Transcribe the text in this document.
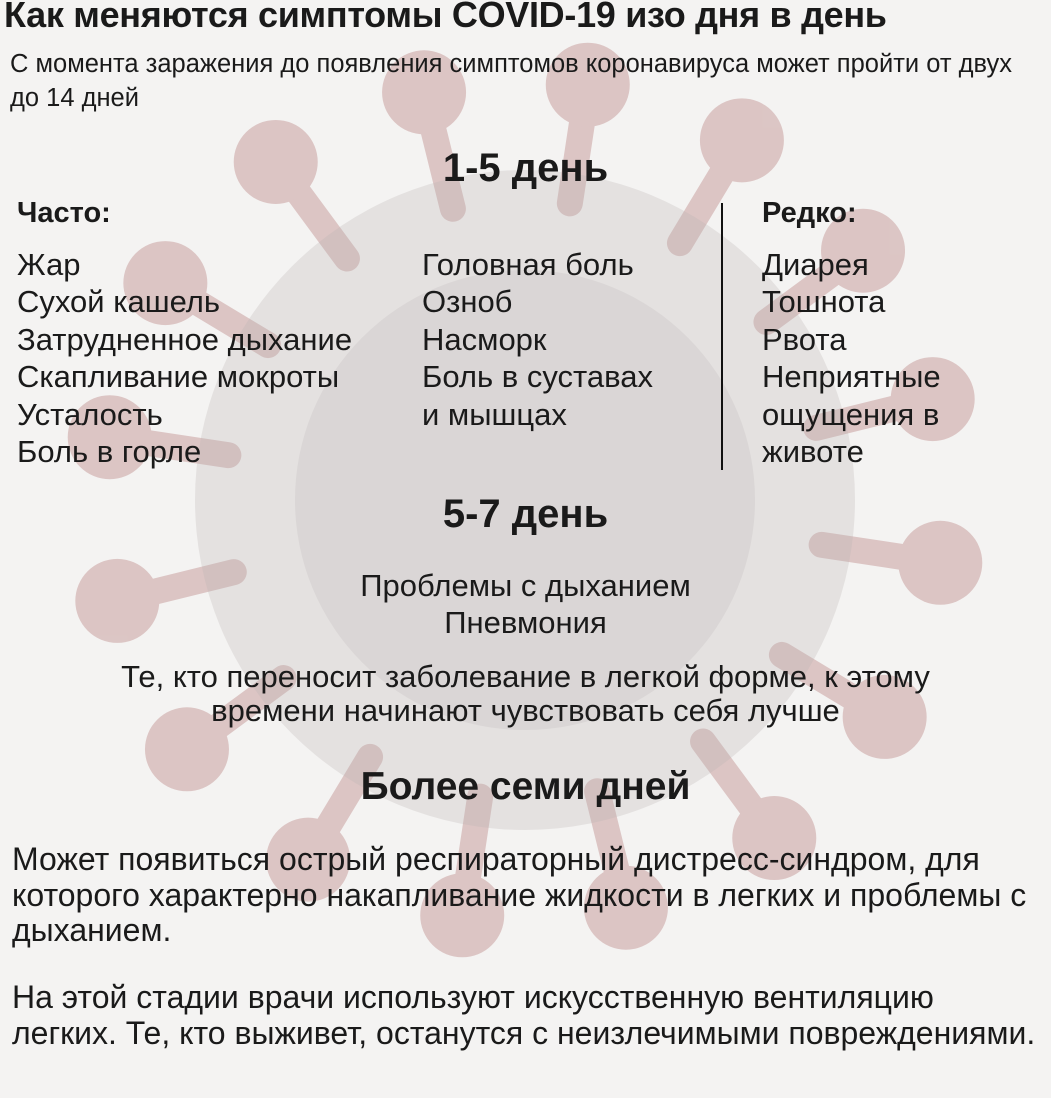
Как меняются симптомы COVID-19 изо дня в день
С момента заражения до появления симптомов коронавируса может пройти от двух до 14 дней
1-5 день
Часто:	Редко:
Жар
Сухой кашель
Затрудненное дыхание
Скапливание мокроты
Усталость
Боль в горле
Головная боль
Озноб
Насморк
Боль в суставах
и мышцах
Диарея
Тошнота
Рвота
Неприятные
ощущения в
животе
5-7 день
Проблемы с дыханием
Пневмония
Те, кто переносит заболевание в легкой форме, к этому времени начинают чувствовать себя лучше
Более семи дней
Может появиться острый респираторный дистресс-синдром, для которого характерно накапливание жидкости в легких и проблемы с дыханием.
На этой стадии врачи используют искусственную вентиляцию легких. Те, кто выживет, останутся с неизлечимыми повреждениями.
